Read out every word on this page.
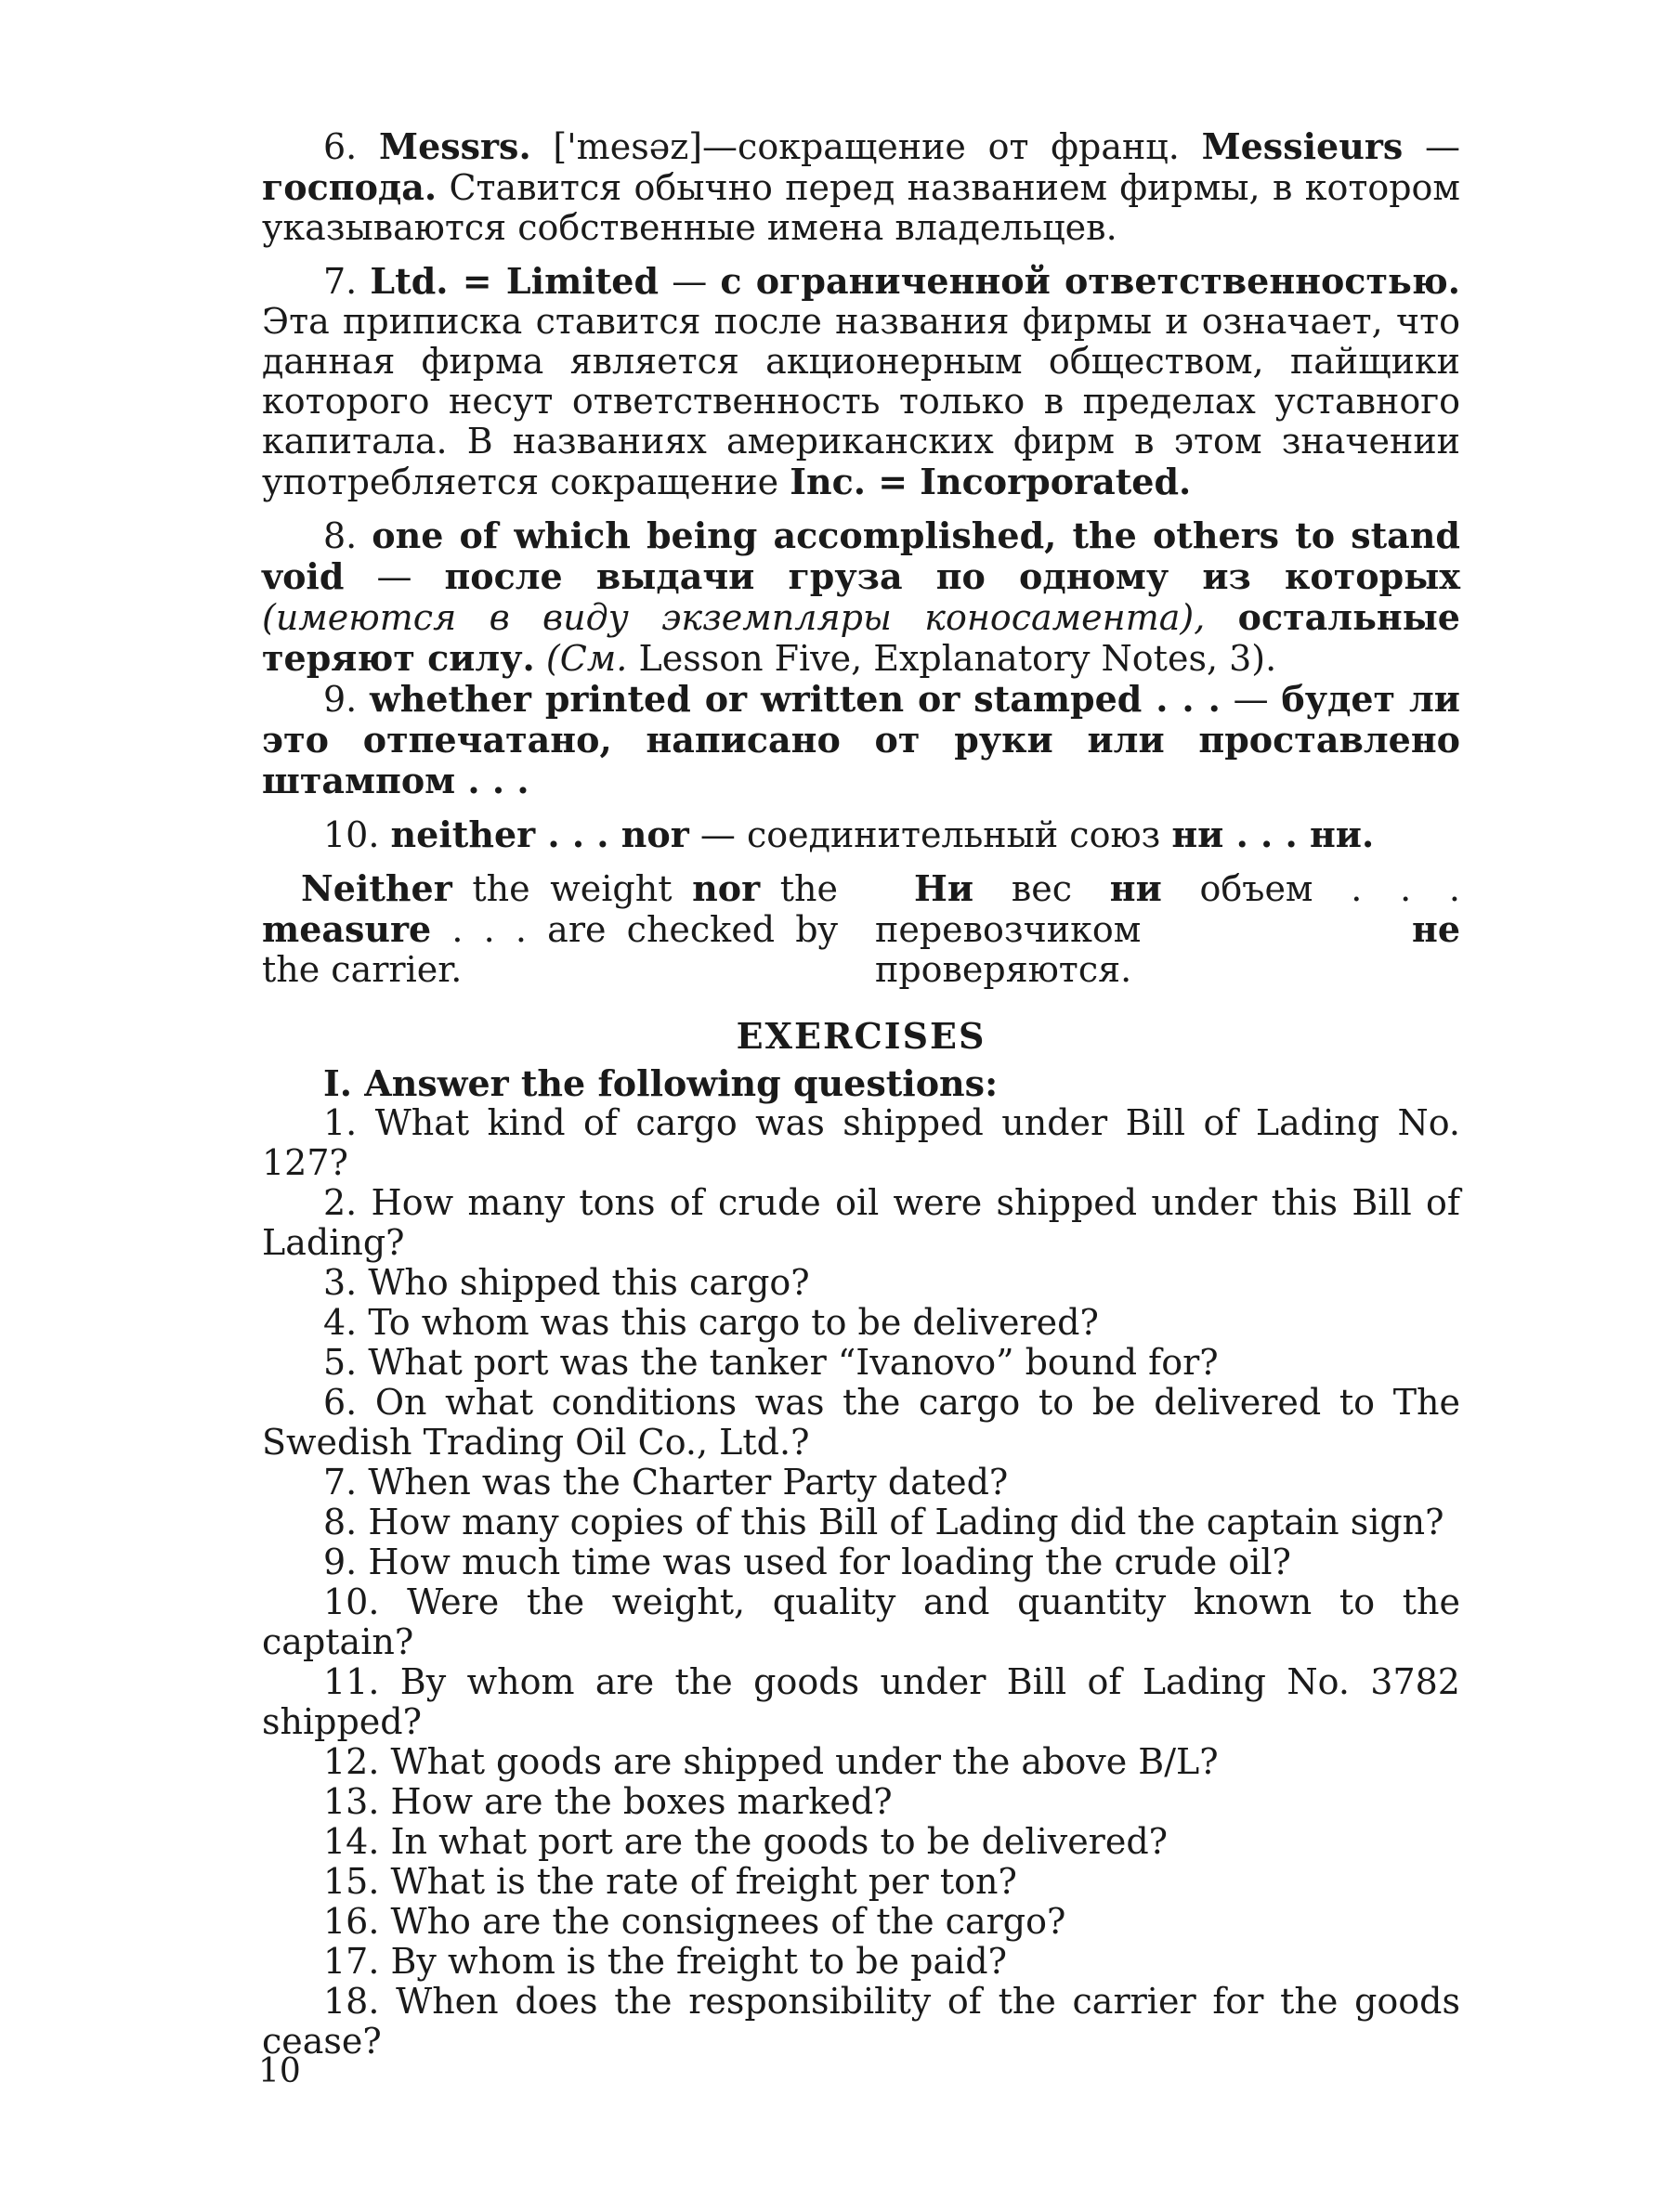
6. Messrs. ['mesəz]—сокращение от франц. Messieurs — господа. Ставится обычно перед названием фирмы, в котором указываются собственные имена владельцев.

7. Ltd. = Limited — с ограниченной ответственностью. Эта приписка ставится после названия фирмы и означает, что данная фирма является акционерным обществом, пайщики которого несут ответственность только в пределах уставного капитала. В названиях американских фирм в этом значении употребляется сокращение Inc. = Incorporated.

8. one of which being accomplished, the others to stand void — после выдачи груза по одному из которых (имеются в виду экземпляры коносамента), остальные теряют силу. (См. Lesson Five, Explanatory Notes, 3).

9. whether printed or written or stamped . . . — будет ли это отпечатано, написано от руки или проставлено штампом . . .

10. neither . . . nor — соединительный союз ни . . . ни.

Neither the weight nor the measure . . . are checked by the carrier.
Ни вес ни объем . . . перевозчиком	не проверяются.
EXERCISES

I. Answer the following questions:

1. What kind of cargo was shipped under Bill of Lading No. 127?

2. How many tons of crude oil were shipped under this Bill of Lading?

3. Who shipped this cargo?

4. To whom was this cargo to be delivered?

5. What port was the tanker “Ivanovo” bound for?

6. On what conditions was the cargo to be delivered to The Swedish Trading Oil Co., Ltd.?

7. When was the Charter Party dated?

8. How many copies of this Bill of Lading did the captain sign?

9. How much time was used for loading the crude oil?

10. Were the weight, quality and quantity known to the captain?

11. By whom are the goods under Bill of Lading No. 3782 shipped?

12. What goods are shipped under the above B/L?

13. How are the boxes marked?

14. In what port are the goods to be delivered?

15. What is the rate of freight per ton?

16. Who are the consignees of the cargo?

17. By whom is the freight to be paid?

18. When does the responsibility of the carrier for the goods cease?

10
